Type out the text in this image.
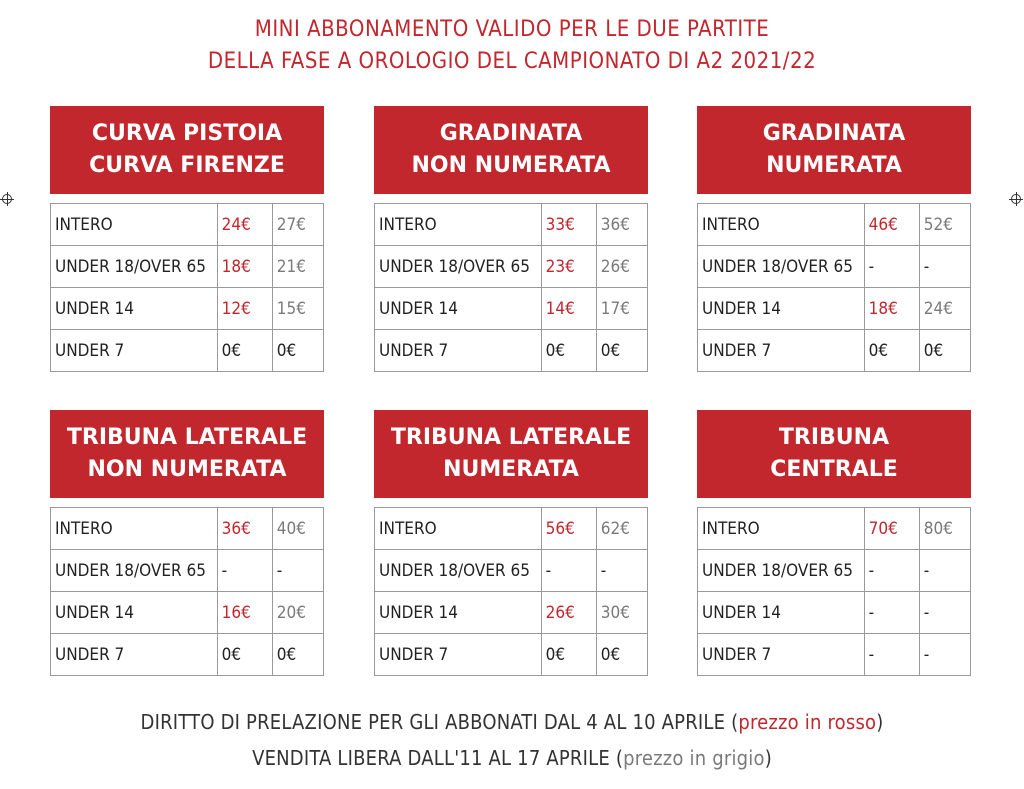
MINI ABBONAMENTO VALIDO PER LE DUE PARTITE
DELLA FASE A OROLOGIO DEL CAMPIONATO DI A2 2021/22
CURVA PISTOIA
CURVA FIRENZE
INTERO	24€	27€
UNDER 18/OVER 65	18€	21€
UNDER 14	12€	15€
UNDER 7	0€	0€
GRADINATA
NON NUMERATA
INTERO	33€	36€
UNDER 18/OVER 65	23€	26€
UNDER 14	14€	17€
UNDER 7	0€	0€
GRADINATA
NUMERATA
INTERO	46€	52€
UNDER 18/OVER 65	-	-
UNDER 14	18€	24€
UNDER 7	0€	0€
TRIBUNA LATERALE
NON NUMERATA
INTERO	36€	40€
UNDER 18/OVER 65	-	-
UNDER 14	16€	20€
UNDER 7	0€	0€
TRIBUNA LATERALE
NUMERATA
INTERO	56€	62€
UNDER 18/OVER 65	-	-
UNDER 14	26€	30€
UNDER 7	0€	0€
TRIBUNA
CENTRALE
INTERO	70€	80€
UNDER 18/OVER 65	-	-
UNDER 14	-	-
UNDER 7	-	-
DIRITTO DI PRELAZIONE PER GLI ABBONATI DAL 4 AL 10 APRILE (prezzo in rosso)
VENDITA LIBERA DALL'11 AL 17 APRILE (prezzo in grigio)
